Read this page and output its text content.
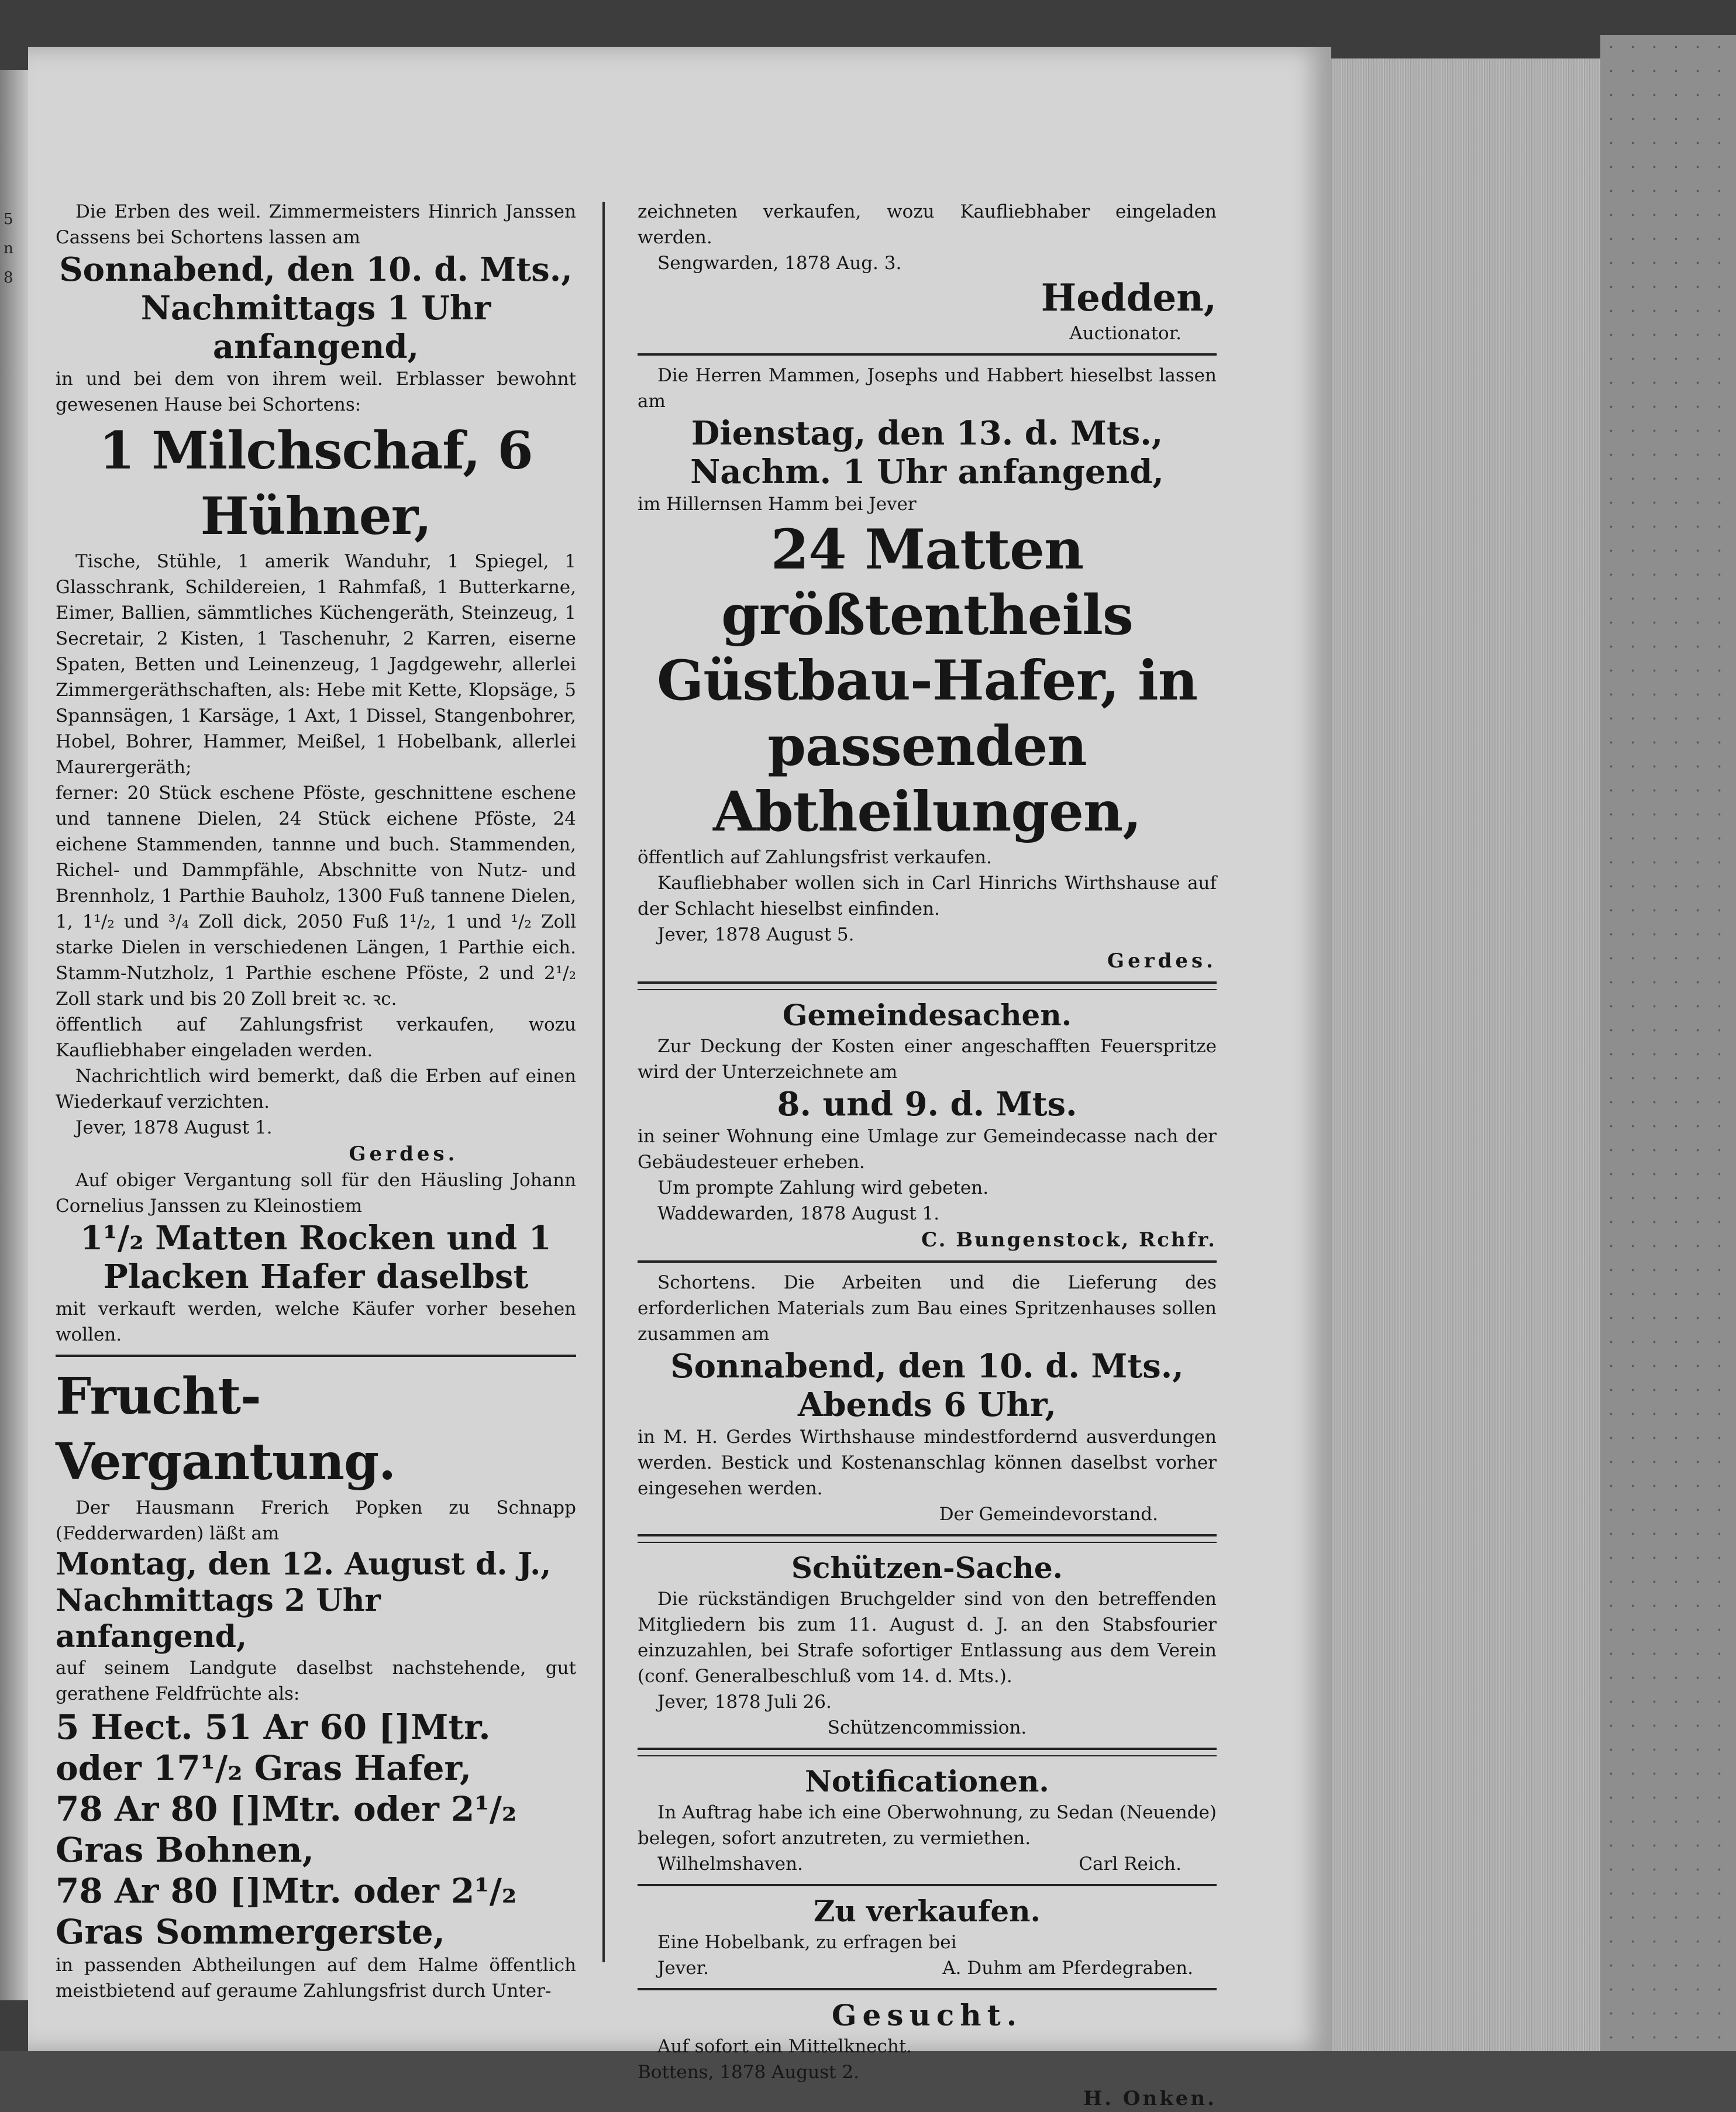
5
n
8

Die Erben des weil. Zimmermeisters Hinrich Janssen Cassens bei Schortens lassen am

Sonnabend, den 10. d. Mts.,

Nachmittags 1 Uhr anfangend,

in und bei dem von ihrem weil. Erblasser bewohnt gewesenen Hause bei Schortens:

1 Milchschaf, 6 Hühner,

Tische, Stühle, 1 amerik Wanduhr, 1 Spiegel, 1 Glasschrank, Schildereien, 1 Rahmfaß, 1 Butterkarne, Eimer, Ballien, sämmtliches Küchengeräth, Steinzeug, 1 Secretair, 2 Kisten, 1 Taschenuhr, 2 Karren, eiserne Spaten, Betten und Leinenzeug, 1 Jagdgewehr, allerlei Zimmergeräthschaften, als: Hebe mit Kette, Klopsäge, 5 Spannsägen, 1 Karsäge, 1 Axt, 1 Dissel, Stangenbohrer, Hobel, Bohrer, Hammer, Meißel, 1 Hobelbank, allerlei Maurergeräth;

ferner: 20 Stück eschene Pföste, geschnittene eschene und tannene Dielen, 24 Stück eichene Pföste, 24 eichene Stammenden, tannne und buch. Stammenden, Richel- und Dammpfähle, Abschnitte von Nutz- und Brennholz, 1 Parthie Bauholz, 1300 Fuß tannene Dielen, 1, 1¹/₂ und ³/₄ Zoll dick, 2050 Fuß 1¹/₂, 1 und ¹/₂ Zoll starke Dielen in verschiedenen Längen, 1 Parthie eich. Stamm-Nutzholz, 1 Parthie eschene Pföste, 2 und 2¹/₂ Zoll stark und bis 20 Zoll breit ꝛc. ꝛc.

öffentlich auf Zahlungsfrist verkaufen, wozu Kaufliebhaber eingeladen werden.

Nachrichtlich wird bemerkt, daß die Erben auf einen Wiederkauf verzichten.

Jever, 1878 August 1.

Gerdes.

Auf obiger Vergantung soll für den Häusling Johann Cornelius Janssen zu Kleinostiem

1¹/₂ Matten Rocken und 1 Placken Hafer daselbst

mit verkauft werden, welche Käufer vorher besehen wollen.

Frucht-Vergantung.

Der Hausmann Frerich Popken zu Schnapp (Fedderwarden) läßt am

Montag, den 12. August d. J.,

Nachmittags 2 Uhr anfangend,

auf seinem Landgute daselbst nachstehende, gut gerathene Feldfrüchte als:

5 Hect. 51 Ar 60 []Mtr. oder 17¹/₂ Gras Hafer,

78 Ar 80 []Mtr. oder 2¹/₂ Gras Bohnen,

78 Ar 80 []Mtr. oder 2¹/₂ Gras Sommergerste,

in passenden Abtheilungen auf dem Halme öffentlich meistbietend auf geraume Zahlungsfrist durch Unter-

zeichneten verkaufen, wozu Kaufliebhaber eingeladen werden.

Sengwarden, 1878 Aug. 3.

Hedden,

Auctionator.

Die Herren Mammen, Josephs und Habbert hieselbst lassen am

Dienstag, den 13. d. Mts.,

Nachm. 1 Uhr anfangend,

im Hillernsen Hamm bei Jever

24 Matten größtentheils Güstbau-Hafer, in passenden Abtheilungen,

öffentlich auf Zahlungsfrist verkaufen.

Kaufliebhaber wollen sich in Carl Hinrichs Wirthshause auf der Schlacht hieselbst einfinden.

Jever, 1878 August 5.

Gerdes.

Gemeindesachen.

Zur Deckung der Kosten einer angeschafften Feuerspritze wird der Unterzeichnete am

8. und 9. d. Mts.

in seiner Wohnung eine Umlage zur Gemeindecasse nach der Gebäudesteuer erheben.

Um prompte Zahlung wird gebeten.

Waddewarden, 1878 August 1.

C. Bungenstock, Rchfr.

Schortens. Die Arbeiten und die Lieferung des erforderlichen Materials zum Bau eines Spritzenhauses sollen zusammen am

Sonnabend, den 10. d. Mts.,

Abends 6 Uhr,

in M. H. Gerdes Wirthshause mindestfordernd ausverdungen werden. Bestick und Kostenanschlag können daselbst vorher eingesehen werden.

Der Gemeindevorstand.

Schützen-Sache.

Die rückständigen Bruchgelder sind von den betreffenden Mitgliedern bis zum 11. August d. J. an den Stabsfourier einzuzahlen, bei Strafe sofortiger Entlassung aus dem Verein (conf. Generalbeschluß vom 14. d. Mts.).

Jever, 1878 Juli 26.

Schützencommission.

Notificationen.

In Auftrag habe ich eine Oberwohnung, zu Sedan (Neuende) belegen, sofort anzutreten, zu vermiethen.

Wilhelmshaven.	Carl Reich.

Zu verkaufen.

Eine Hobelbank, zu erfragen bei

Jever.	A. Duhm am Pferdegraben.

Gesucht.

Auf sofort ein Mittelknecht.

Bottens, 1878 August 2.

H. Onken.
